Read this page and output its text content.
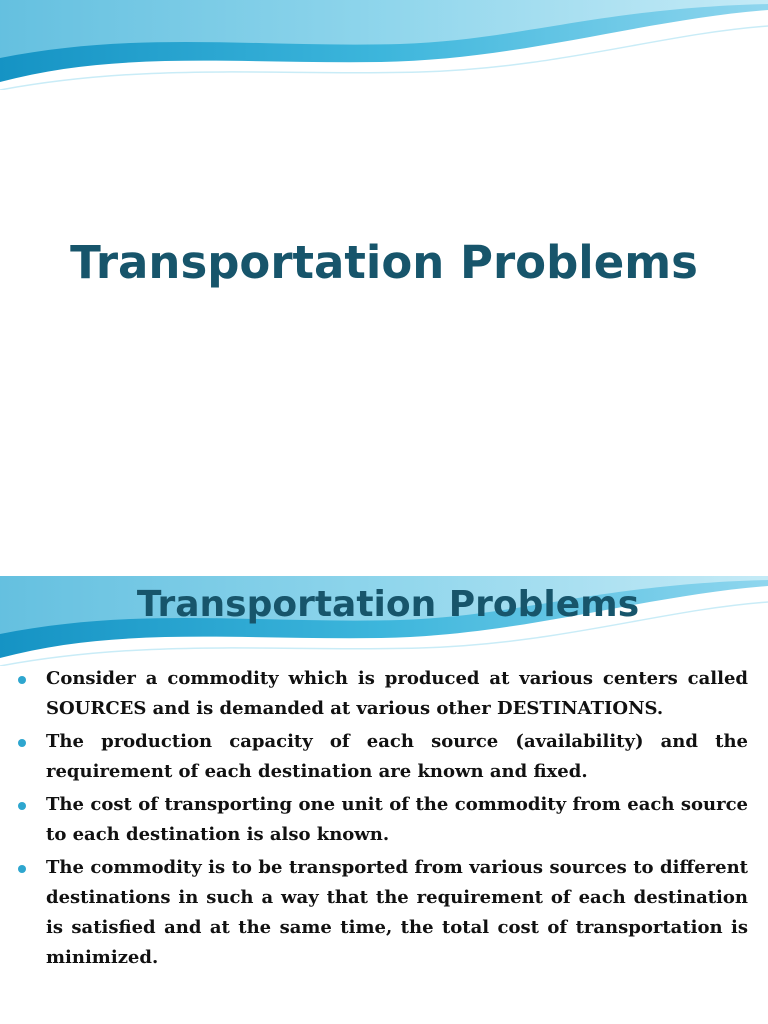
Transportation Problems
Transportation Problems
Consider a commodity which is produced at various centers called SOURCES and is demanded at various other DESTINATIONS.
The production capacity of each source (availability) and the requirement of each destination are known and fixed.
The cost of transporting one unit of the commodity from each source to each destination is also known.
The commodity is to be transported from various sources to different destinations in such a way that the requirement of each destination is satisfied and at the same time, the total cost of transportation is minimized.
